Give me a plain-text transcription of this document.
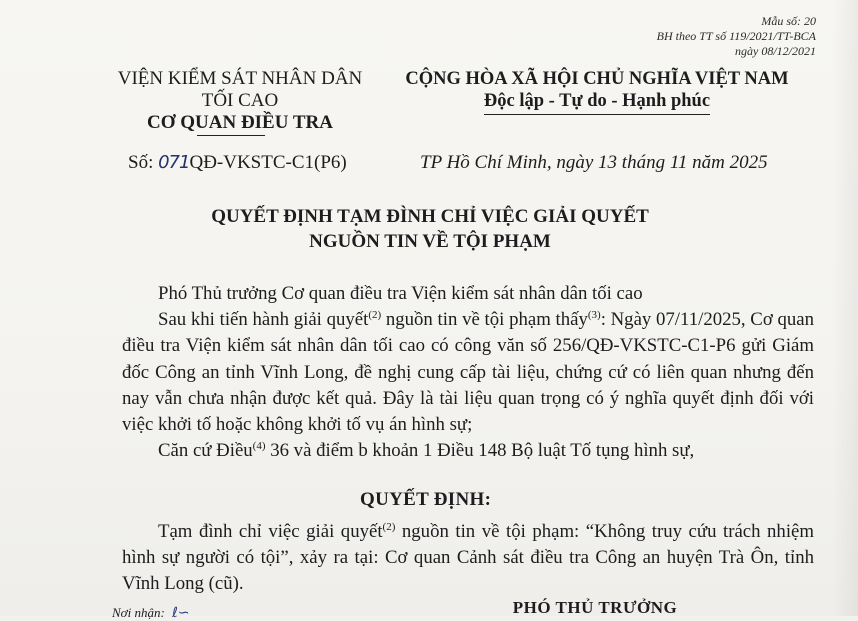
Mẫu số: 20
BH theo TT số 119/2021/TT-BCA
ngày 08/12/2021
VIỆN KIỂM SÁT NHÂN DÂN
TỐI CAO
CƠ QUAN ĐIỀU TRA
CỘNG HÒA XÃ HỘI CHỦ NGHĨA VIỆT NAM
Độc lập - Tự do - Hạnh phúc
Số: 071QĐ-VKSTC-C1(P6)	TP Hồ Chí Minh, ngày 13 tháng 11 năm 2025
QUYẾT ĐỊNH TẠM ĐÌNH CHỈ VIỆC GIẢI QUYẾT
NGUỒN TIN VỀ TỘI PHẠM

Phó Thủ trưởng Cơ quan điều tra Viện kiểm sát nhân dân tối cao

Sau khi tiến hành giải quyết$^{(2)}$ nguồn tin về tội phạm thấy$^{(3)}$: Ngày 07/11/2025, Cơ quan điều tra Viện kiểm sát nhân dân tối cao có công văn số 256/QĐ-VKSTC-C1-P6 gửi Giám đốc Công an tỉnh Vĩnh Long, đề nghị cung cấp tài liệu, chứng cứ có liên quan nhưng đến nay vẫn chưa nhận được kết quả. Đây là tài liệu quan trọng có ý nghĩa quyết định đối với việc khởi tố hoặc không khởi tố vụ án hình sự;

Căn cứ Điều$^{(4)}$ 36 và điểm b khoản 1 Điều 148 Bộ luật Tố tụng hình sự,

QUYẾT ĐỊNH:

Tạm đình chỉ việc giải quyết$^{(2)}$ nguồn tin về tội phạm: “Không truy cứu trách nhiệm hình sự người có tội”, xảy ra tại: Cơ quan Cảnh sát điều tra Công an huyện Trà Ôn, tỉnh Vĩnh Long (cũ).

Nơi nhận: ℓ∽	PHÓ THỦ TRƯỞNG
